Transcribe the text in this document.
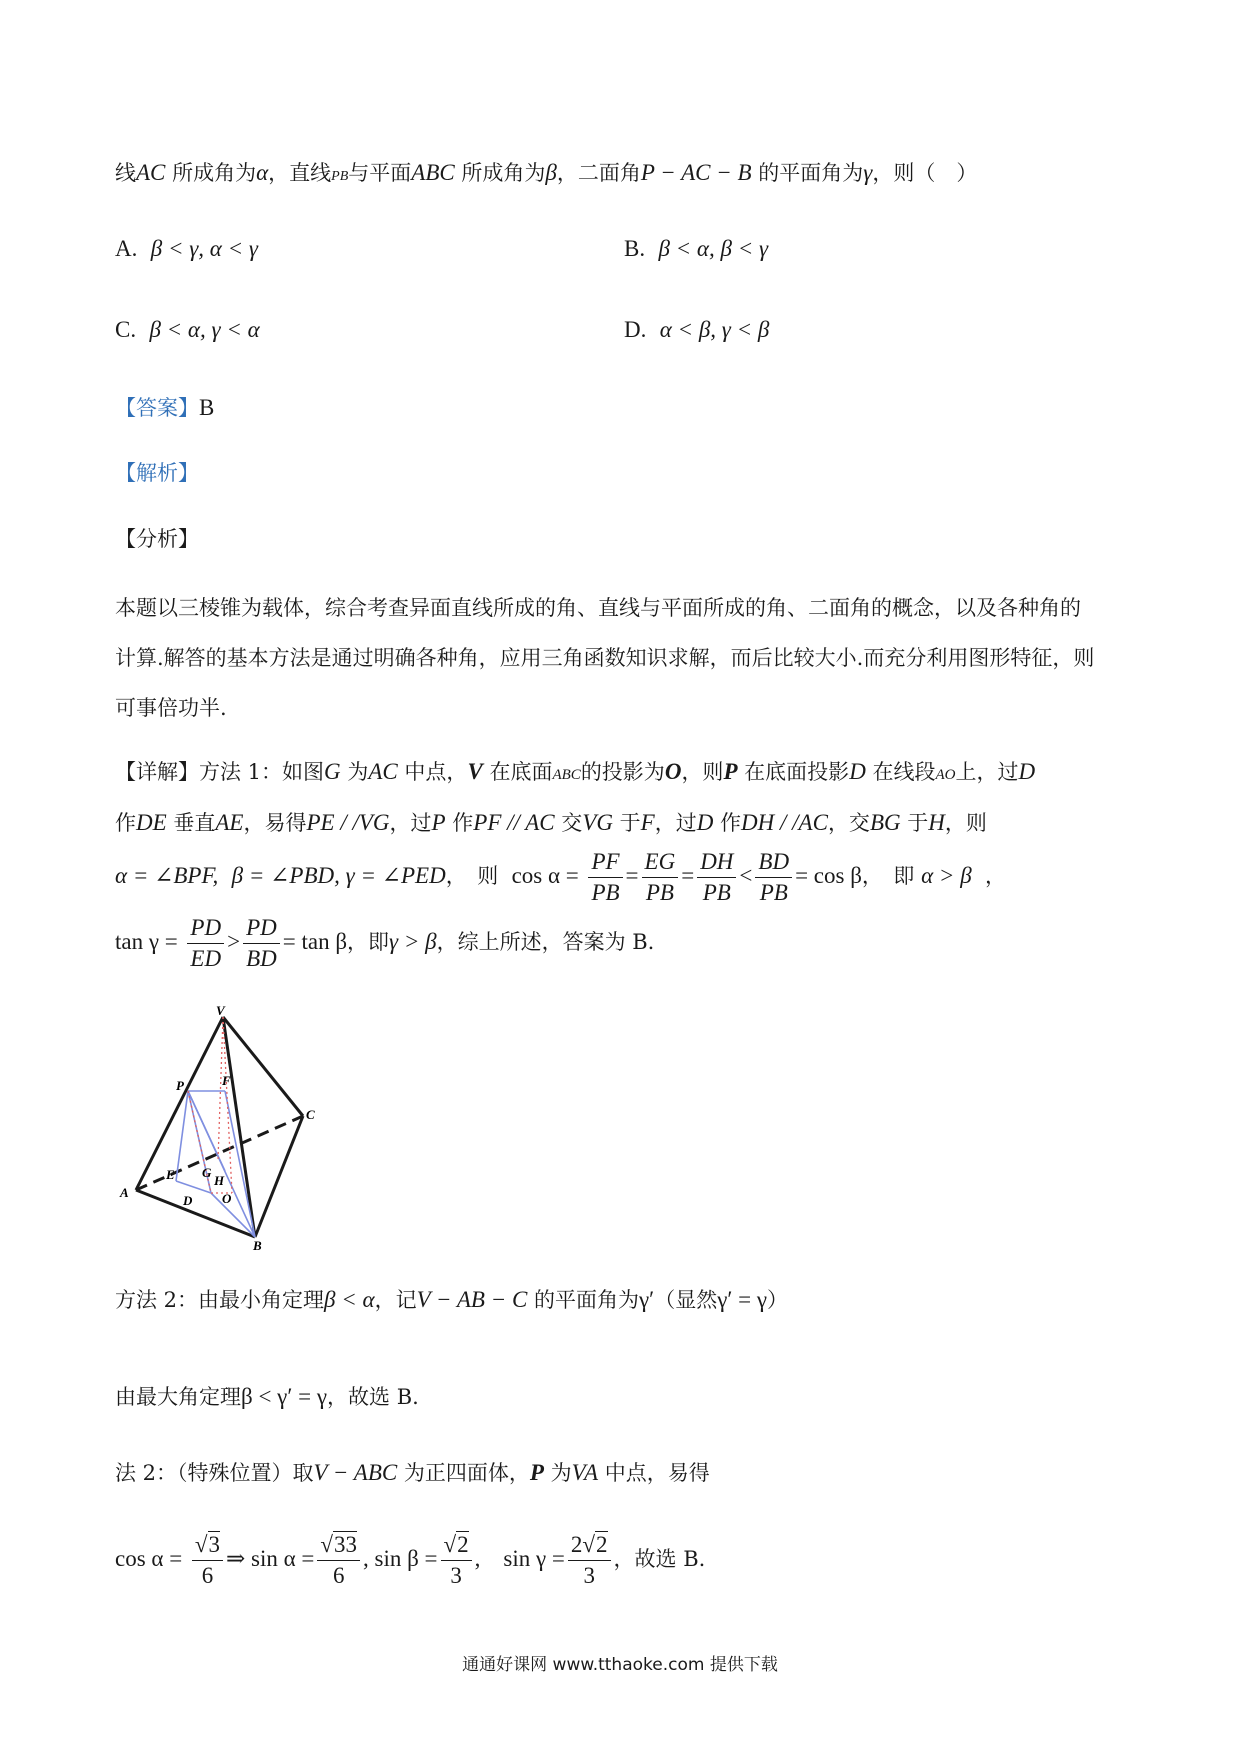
线AC 所成角为α，直线PB与平面ABC 所成角为β，二面角P − AC − B 的平面角为γ，则（　）
A. β < γ, α < γ	B. β < α, β < γ
C. β < α, γ < α	D. α < β, γ < β
【答案】B
【解析】
【分析】
本题以三棱锥为载体，综合考查异面直线所成的角、直线与平面所成的角、二面角的概念，以及各种角的
计算.解答的基本方法是通过明确各种角，应用三角函数知识求解，而后比较大小.而充分利用图形特征，则
可事倍功半.
【详解】方法 1：如图G 为AC 中点，V 在底面ABC的投影为O，则P 在底面投影D 在线段AO上，过D
作DE 垂直AE，易得PE / /VG，过P 作PF // AC 交VG 于F，过D 作DH / /AC，交BG 于H，则
α = ∠BPF, β = ∠PBD, γ = ∠PED，　则 $\cos \alpha = \frac{PF}{PB} = \frac{EG}{PB} = \frac{DH}{PB} < \frac{BD}{PB} = \cos \beta$，　即 α > β ，
$\tan \gamma = \frac{PD}{ED} > \frac{PD}{BD} = \tan \beta$，即γ > β，综上所述，答案为 B.
V
P	F
C
E G
H
A
D O
B
方法 2：由最小角定理β < α，记V − AB − C 的平面角为γ′（显然γ′ = γ）
由最大角定理β < γ′ = γ，故选 B.
法 2：（特殊位置）取V − ABC 为正四面体，P 为VA 中点，易得
$\cos \alpha = \frac{√3}{6}$ ⇒ $\sin \alpha = \frac{√33}{6}$ , $\sin \beta = \frac{√2}{3}$ ,　$\sin \gamma = \frac{2√2}{3}$ ，故选 B.
通通好课网 www.tthaoke.com 提供下载
